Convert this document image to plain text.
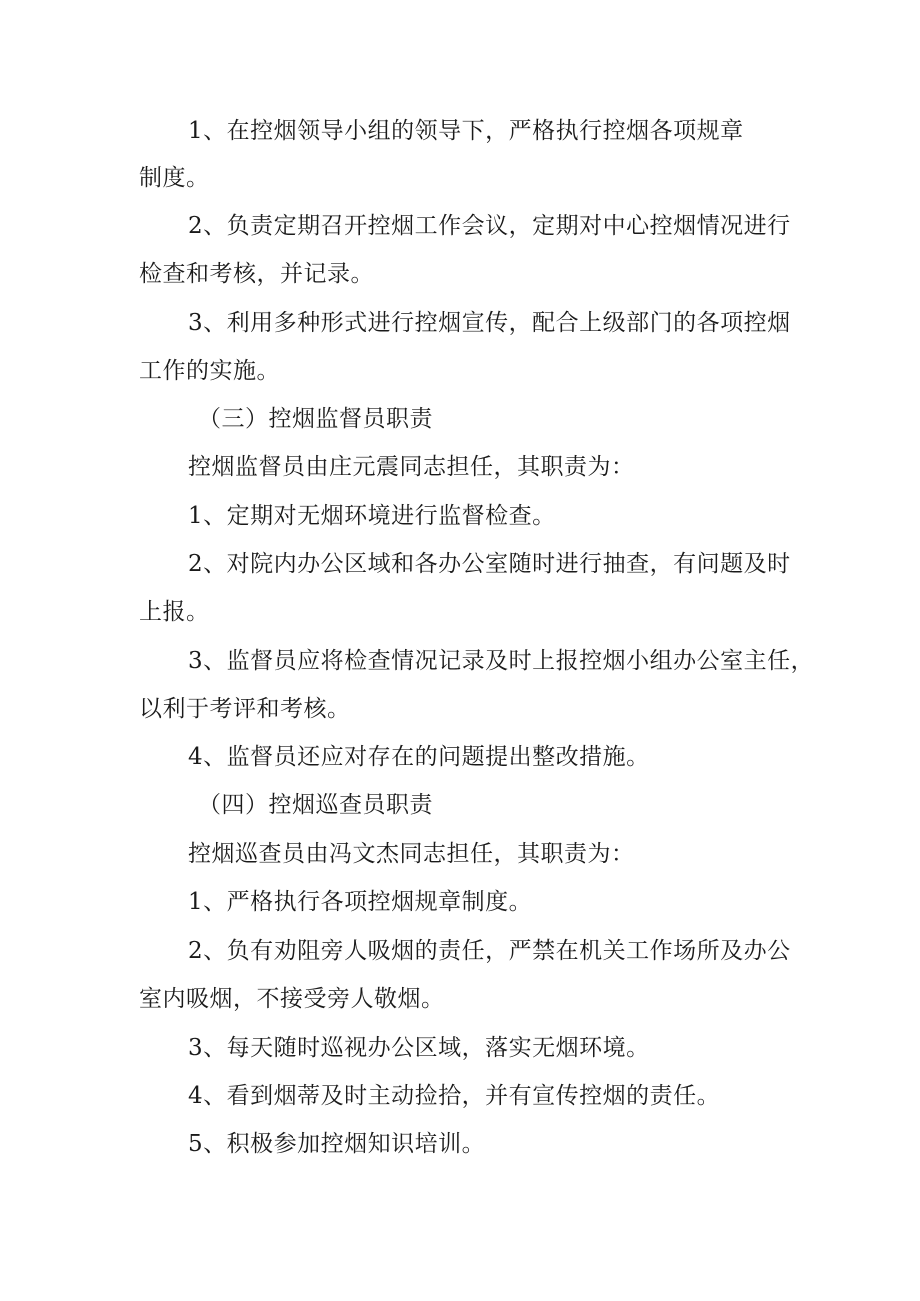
1、在控烟领导小组的领导下，严格执行控烟各项规章
制度。
2、负责定期召开控烟工作会议，定期对中心控烟情况进行
检查和考核，并记录。
3、利用多种形式进行控烟宣传，配合上级部门的各项控烟
工作的实施。
（三）控烟监督员职责
控烟监督员由庄元震同志担任，其职责为：
1、定期对无烟环境进行监督检查。
2、对院内办公区域和各办公室随时进行抽查，有问题及时
上报。
3、监督员应将检查情况记录及时上报控烟小组办公室主任，
以利于考评和考核。
4、监督员还应对存在的问题提出整改措施。
（四）控烟巡查员职责
控烟巡查员由冯文杰同志担任，其职责为：
1、严格执行各项控烟规章制度。
2、负有劝阻旁人吸烟的责任，严禁在机关工作场所及办公
室内吸烟，不接受旁人敬烟。
3、每天随时巡视办公区域，落实无烟环境。
4、看到烟蒂及时主动捡拾，并有宣传控烟的责任。
5、积极参加控烟知识培训。
